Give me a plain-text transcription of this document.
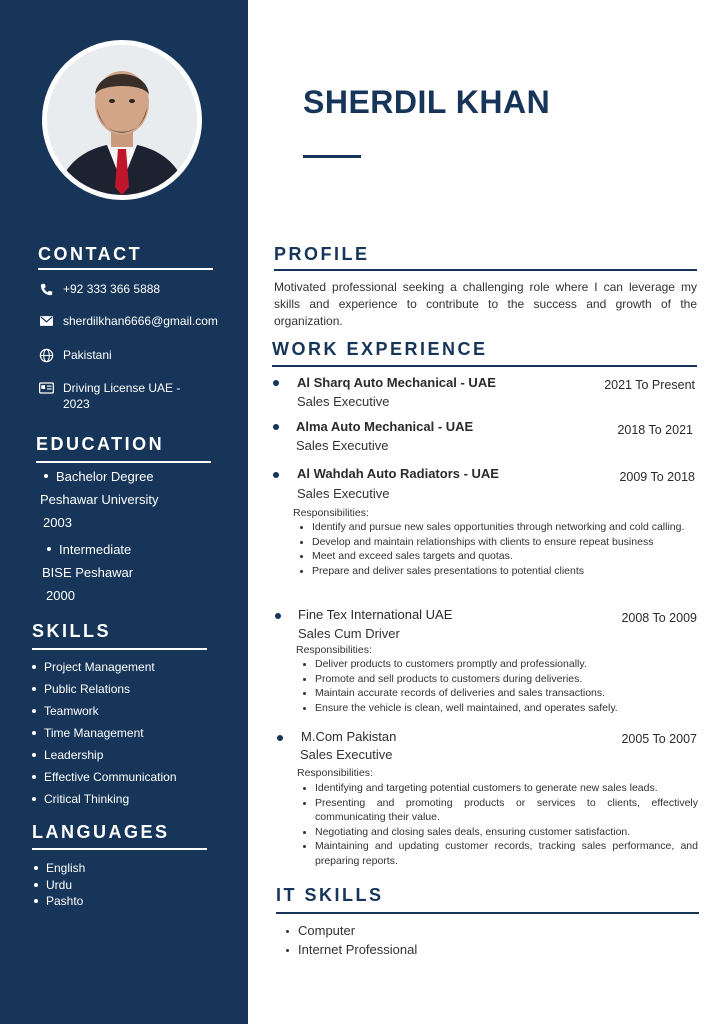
CONTACT
+92 333 366 5888
sherdilkhan6666@gmail.com
Pakistani
Driving License UAE -
2023
EDUCATION
Bachelor Degree
Peshawar University
2003
Intermediate
BISE Peshawar
2000
SKILLS
Project Management
Public Relations
Teamwork
Time Management
Leadership
Effective Communication
Critical Thinking
LANGUAGES
English
Urdu
Pashto
SHERDIL KHAN
PROFILE
Motivated professional seeking a challenging role where I can leverage my skills and experience to contribute to the success and growth of the organization.
WORK EXPERIENCE
Al Sharq Auto Mechanical - UAE	2021 To Present
Sales Executive
Alma Auto Mechanical - UAE	2018 To 2021
Sales Executive
Al Wahdah Auto Radiators - UAE	2009 To 2018
Sales Executive
Responsibilities:
Identify and pursue new sales opportunities through networking and cold calling.
Develop and maintain relationships with clients to ensure repeat business
Meet and exceed sales targets and quotas.
Prepare and deliver sales presentations to potential clients
Fine Tex International UAE	2008 To 2009
Sales Cum Driver
Responsibilities:
Deliver products to customers promptly and professionally.
Promote and sell products to customers during deliveries.
Maintain accurate records of deliveries and sales transactions.
Ensure the vehicle is clean, well maintained, and operates safely.
M.Com Pakistan	2005 To 2007
Sales Executive
Responsibilities:
Identifying and targeting potential customers to generate new sales leads.
Presenting and promoting products or services to clients, effectively communicating their value.
Negotiating and closing sales deals, ensuring customer satisfaction.
Maintaining and updating customer records, tracking sales performance, and preparing reports.
IT SKILLS
Computer
Internet Professional
